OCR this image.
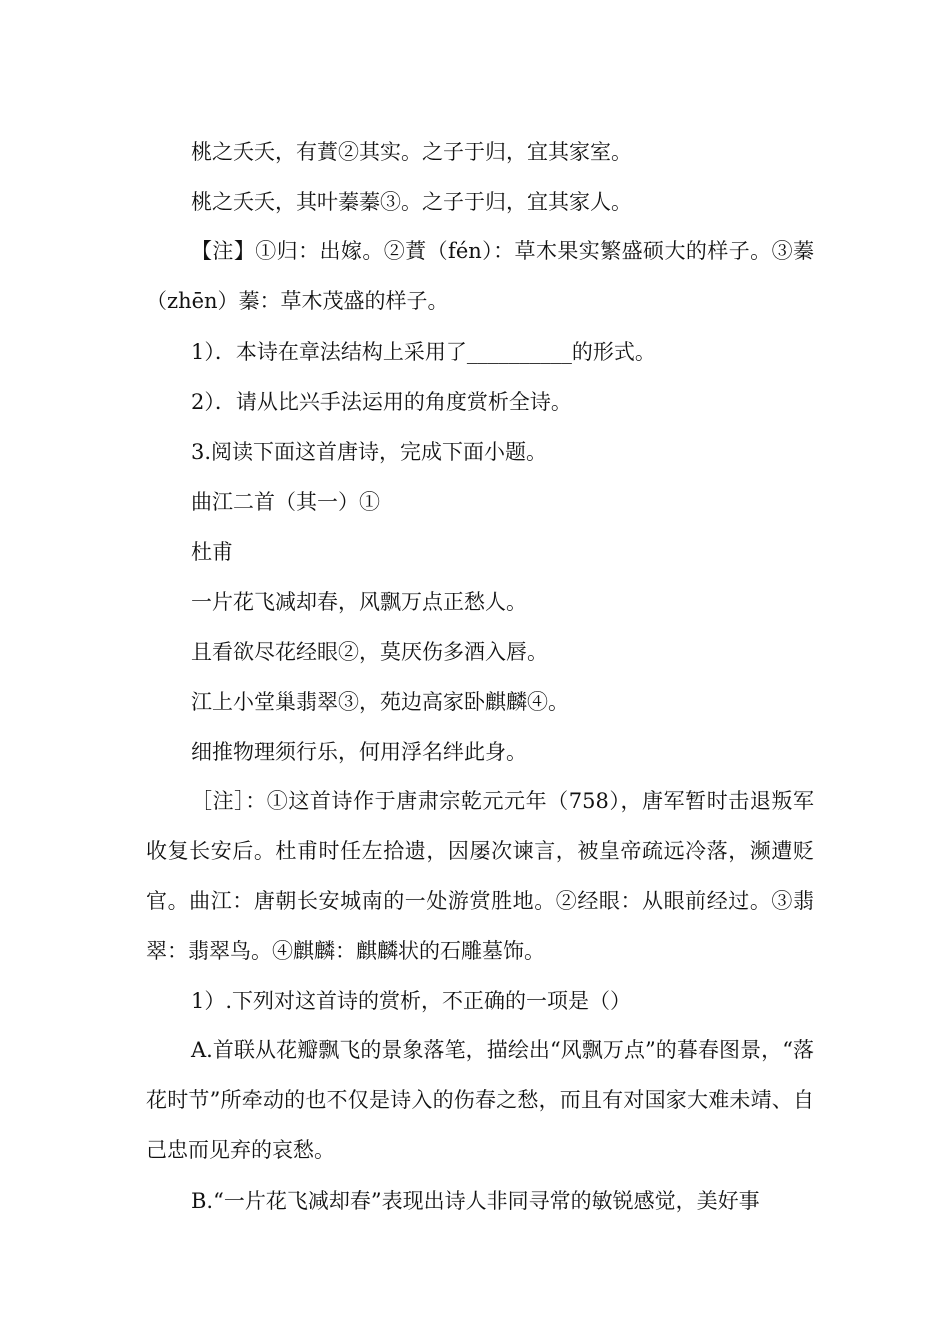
桃之夭夭，有蕡②其实。之子于归，宜其家室。

桃之夭夭，其叶蓁蓁③。之子于归，宜其家人。

【注】①归：出嫁。②蕡（fén）：草木果实繁盛硕大的样子。③蓁（zhēn）蓁：草木茂盛的样子。

1）．本诗在章法结构上采用了__________的形式。

2）．请从比兴手法运用的角度赏析全诗。

3.阅读下面这首唐诗，完成下面小题。

曲江二首（其一）①

杜甫

一片花飞减却春，风飘万点正愁人。

且看欲尽花经眼②，莫厌伤多酒入唇。

江上小堂巢翡翠③，苑边高家卧麒麟④。

细推物理须行乐，何用浮名绊此身。

［注］：①这首诗作于唐肃宗乾元元年（758），唐军暂时击退叛军收复长安后。杜甫时任左拾遗，因屡次谏言，被皇帝疏远冷落，濒遭贬官。曲江：唐朝长安城南的一处游赏胜地。②经眼：从眼前经过。③翡翠：翡翠鸟。④麒麟：麒麟状的石雕墓饰。

1）.下列对这首诗的赏析，不正确的一项是（）

A.首联从花瓣飘飞的景象落笔，描绘出“风飘万点”的暮春图景，“落花时节”所牵动的也不仅是诗入的伤春之愁，而且有对国家大难未靖、自己忠而见弃的哀愁。

B.“一片花飞减却春”表现出诗人非同寻常的敏锐感觉，美好事
